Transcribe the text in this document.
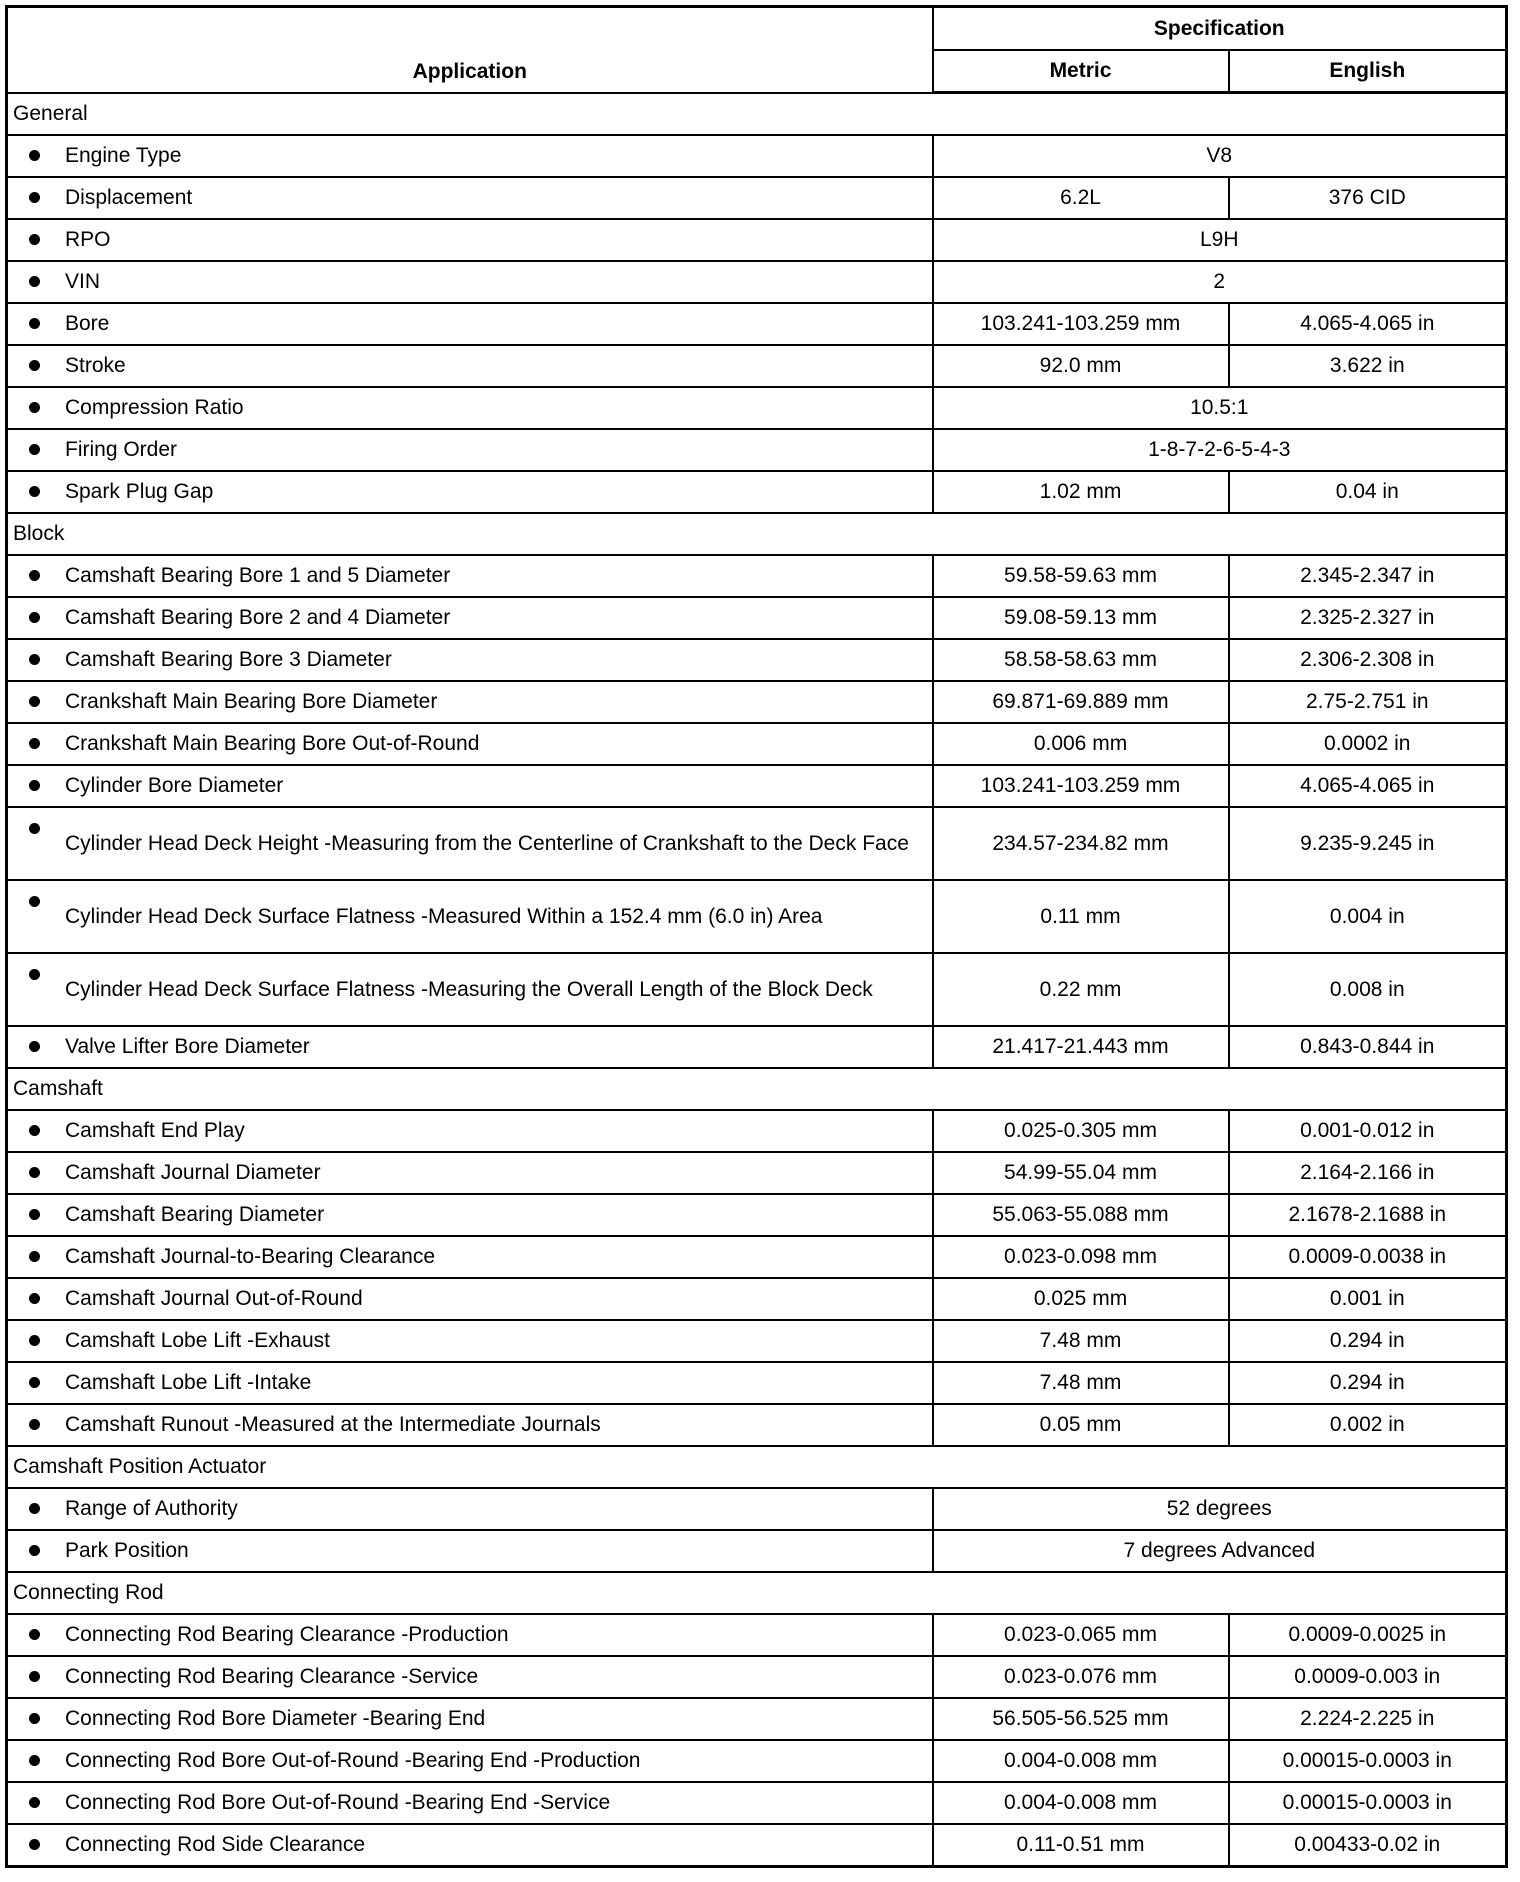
Application	Specification	
	Metric	English
General		

Engine Type	V8	

Displacement	6.2L	376 CID

RPO	L9H	

VIN	2	

Bore	103.241-103.259 mm	4.065-4.065 in

Stroke	92.0 mm	3.622 in

Compression Ratio	10.5:1	

Firing Order	1-8-7-2-6-5-4-3	

Spark Plug Gap	1.02 mm	0.04 in
Block		

Camshaft Bearing Bore 1 and 5 Diameter	59.58-59.63 mm	2.345-2.347 in

Camshaft Bearing Bore 2 and 4 Diameter	59.08-59.13 mm	2.325-2.327 in

Camshaft Bearing Bore 3 Diameter	58.58-58.63 mm	2.306-2.308 in

Crankshaft Main Bearing Bore Diameter	69.871-69.889 mm	2.75-2.751 in

Crankshaft Main Bearing Bore Out-of-Round	0.006 mm	0.0002 in

Cylinder Bore Diameter	103.241-103.259 mm	4.065-4.065 in

Cylinder Head Deck Height -Measuring from the Centerline of Crankshaft to the Deck Face	234.57-234.82 mm	9.235-9.245 in

Cylinder Head Deck Surface Flatness -Measured Within a 152.4 mm (6.0 in) Area	0.11 mm	0.004 in

Cylinder Head Deck Surface Flatness -Measuring the Overall Length of the Block Deck	0.22 mm	0.008 in

Valve Lifter Bore Diameter	21.417-21.443 mm	0.843-0.844 in
Camshaft		

Camshaft End Play	0.025-0.305 mm	0.001-0.012 in

Camshaft Journal Diameter	54.99-55.04 mm	2.164-2.166 in

Camshaft Bearing Diameter	55.063-55.088 mm	2.1678-2.1688 in

Camshaft Journal-to-Bearing Clearance	0.023-0.098 mm	0.0009-0.0038 in

Camshaft Journal Out-of-Round	0.025 mm	0.001 in

Camshaft Lobe Lift -Exhaust	7.48 mm	0.294 in

Camshaft Lobe Lift -Intake	7.48 mm	0.294 in

Camshaft Runout -Measured at the Intermediate Journals	0.05 mm	0.002 in
Camshaft Position Actuator		

Range of Authority	52 degrees	

Park Position	7 degrees Advanced	
Connecting Rod		

Connecting Rod Bearing Clearance -Production	0.023-0.065 mm	0.0009-0.0025 in

Connecting Rod Bearing Clearance -Service	0.023-0.076 mm	0.0009-0.003 in

Connecting Rod Bore Diameter -Bearing End	56.505-56.525 mm	2.224-2.225 in

Connecting Rod Bore Out-of-Round -Bearing End -Production	0.004-0.008 mm	0.00015-0.0003 in

Connecting Rod Bore Out-of-Round -Bearing End -Service	0.004-0.008 mm	0.00015-0.0003 in

Connecting Rod Side Clearance	0.11-0.51 mm	0.00433-0.02 in
